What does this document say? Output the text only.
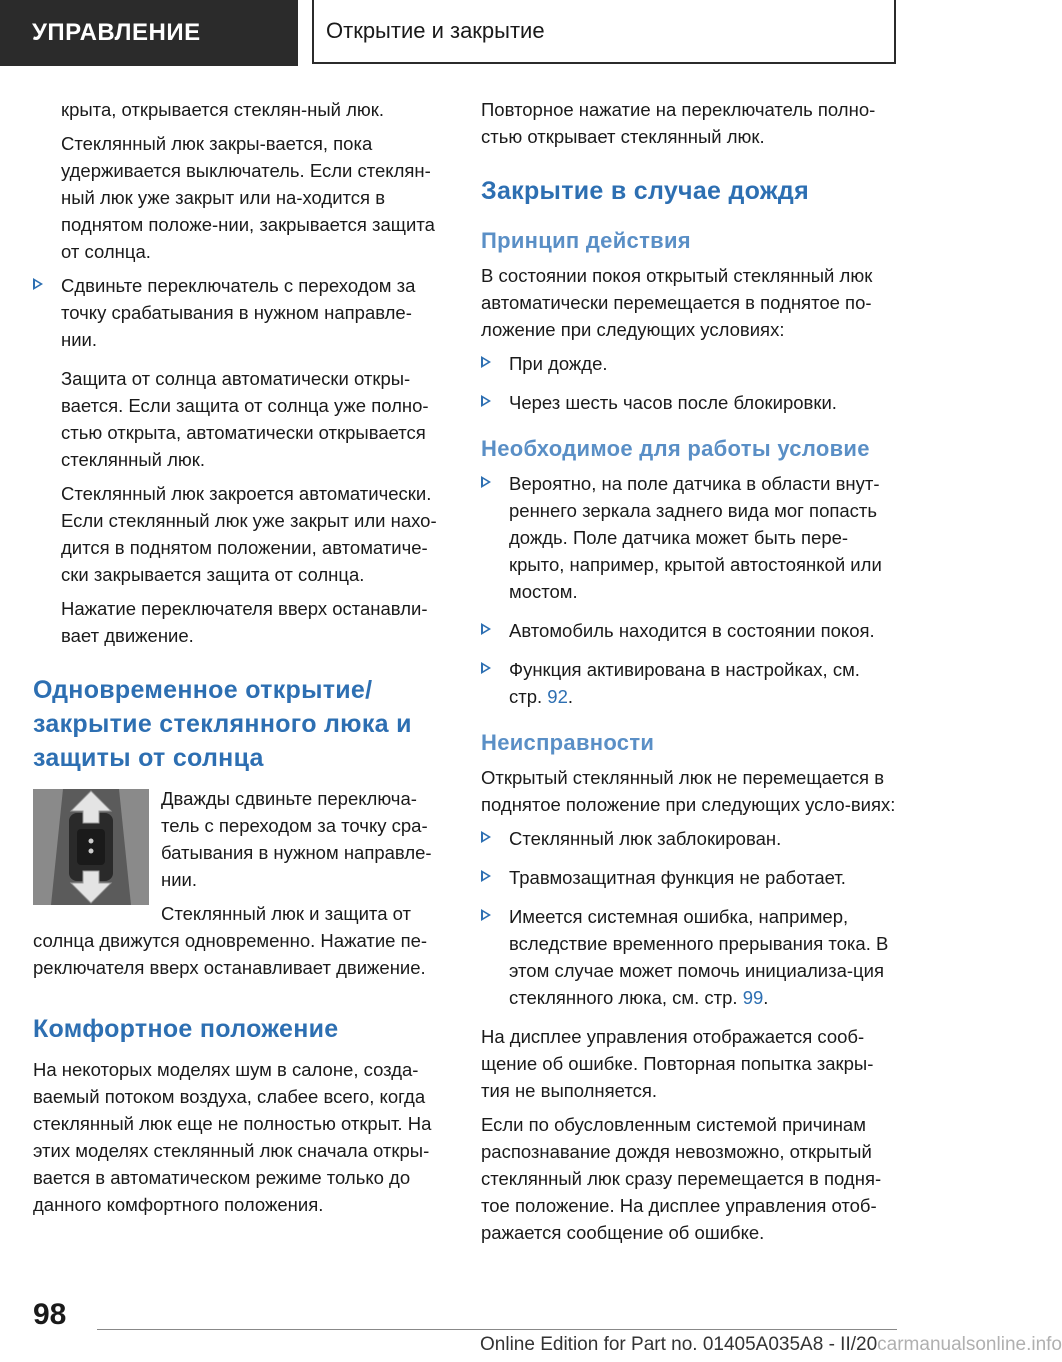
УПРАВЛЕНИЕ	Открытие и закрытие
крыта, открывается стеклян-ный люк.
Стеклянный люк закры-вается, пока удерживается выключатель. Если стеклян-ный люк уже закрыт или на-ходится в поднятом положе-нии, закрывается защита от солнца.
Сдвиньте переключатель с переходом за точку срабатывания в нужном направле-нии.
Защита от солнца автоматически откры-вается. Если защита от солнца уже полно-стью открыта, автоматически открывается стеклянный люк.
Стеклянный люк закроется автоматически. Если стеклянный люк уже закрыт или нахо-дится в поднятом положении, автоматиче-ски закрывается защита от солнца.
Нажатие переключателя вверх останавли-вает движение.
Одновременное открытие/ закрытие стеклянного люка и защиты от солнца
Дважды сдвиньте переключа-тель с переходом за точку сра-батывания в нужном направле-нии.
Стеклянный люк и защита от солнца движутся одновременно. Нажатие пе-реключателя вверх останавливает движение.
Комфортное положение
На некоторых моделях шум в салоне, созда-ваемый потоком воздуха, слабее всего, когда стеклянный люк еще не полностью открыт. На этих моделях стеклянный люк сначала откры-вается в автоматическом режиме только до данного комфортного положения.
Повторное нажатие на переключатель полно-стью открывает стеклянный люк.
Закрытие в случае дождя
Принцип действия
В состоянии покоя открытый стеклянный люк автоматически перемещается в поднятое по-ложение при следующих условиях:
При дожде.
Через шесть часов после блокировки.
Необходимое для работы условие
Вероятно, на поле датчика в области внут-реннего зеркала заднего вида мог попасть дождь. Поле датчика может быть пере-крыто, например, крытой автостоянкой или мостом.
Автомобиль находится в состоянии покоя.
Функция активирована в настройках, см. стр. 92.
Неисправности
Открытый стеклянный люк не перемещается в поднятое положение при следующих усло-виях:
Стеклянный люк заблокирован.
Травмозащитная функция не работает.
Имеется системная ошибка, например, вследствие временного прерывания тока. В этом случае может помочь инициализа-ция стеклянного люка, см. стр. 99.
На дисплее управления отображается сооб-щение об ошибке. Повторная попытка закры-тия не выполняется.
Если по обусловленным системой причинам распознавание дождя невозможно, открытый стеклянный люк сразу перемещается в подня-тое положение. На дисплее управления отоб-ражается сообщение об ошибке.
98
Online Edition for Part no. 01405A035A8 - II/20carmanualsonline.info
